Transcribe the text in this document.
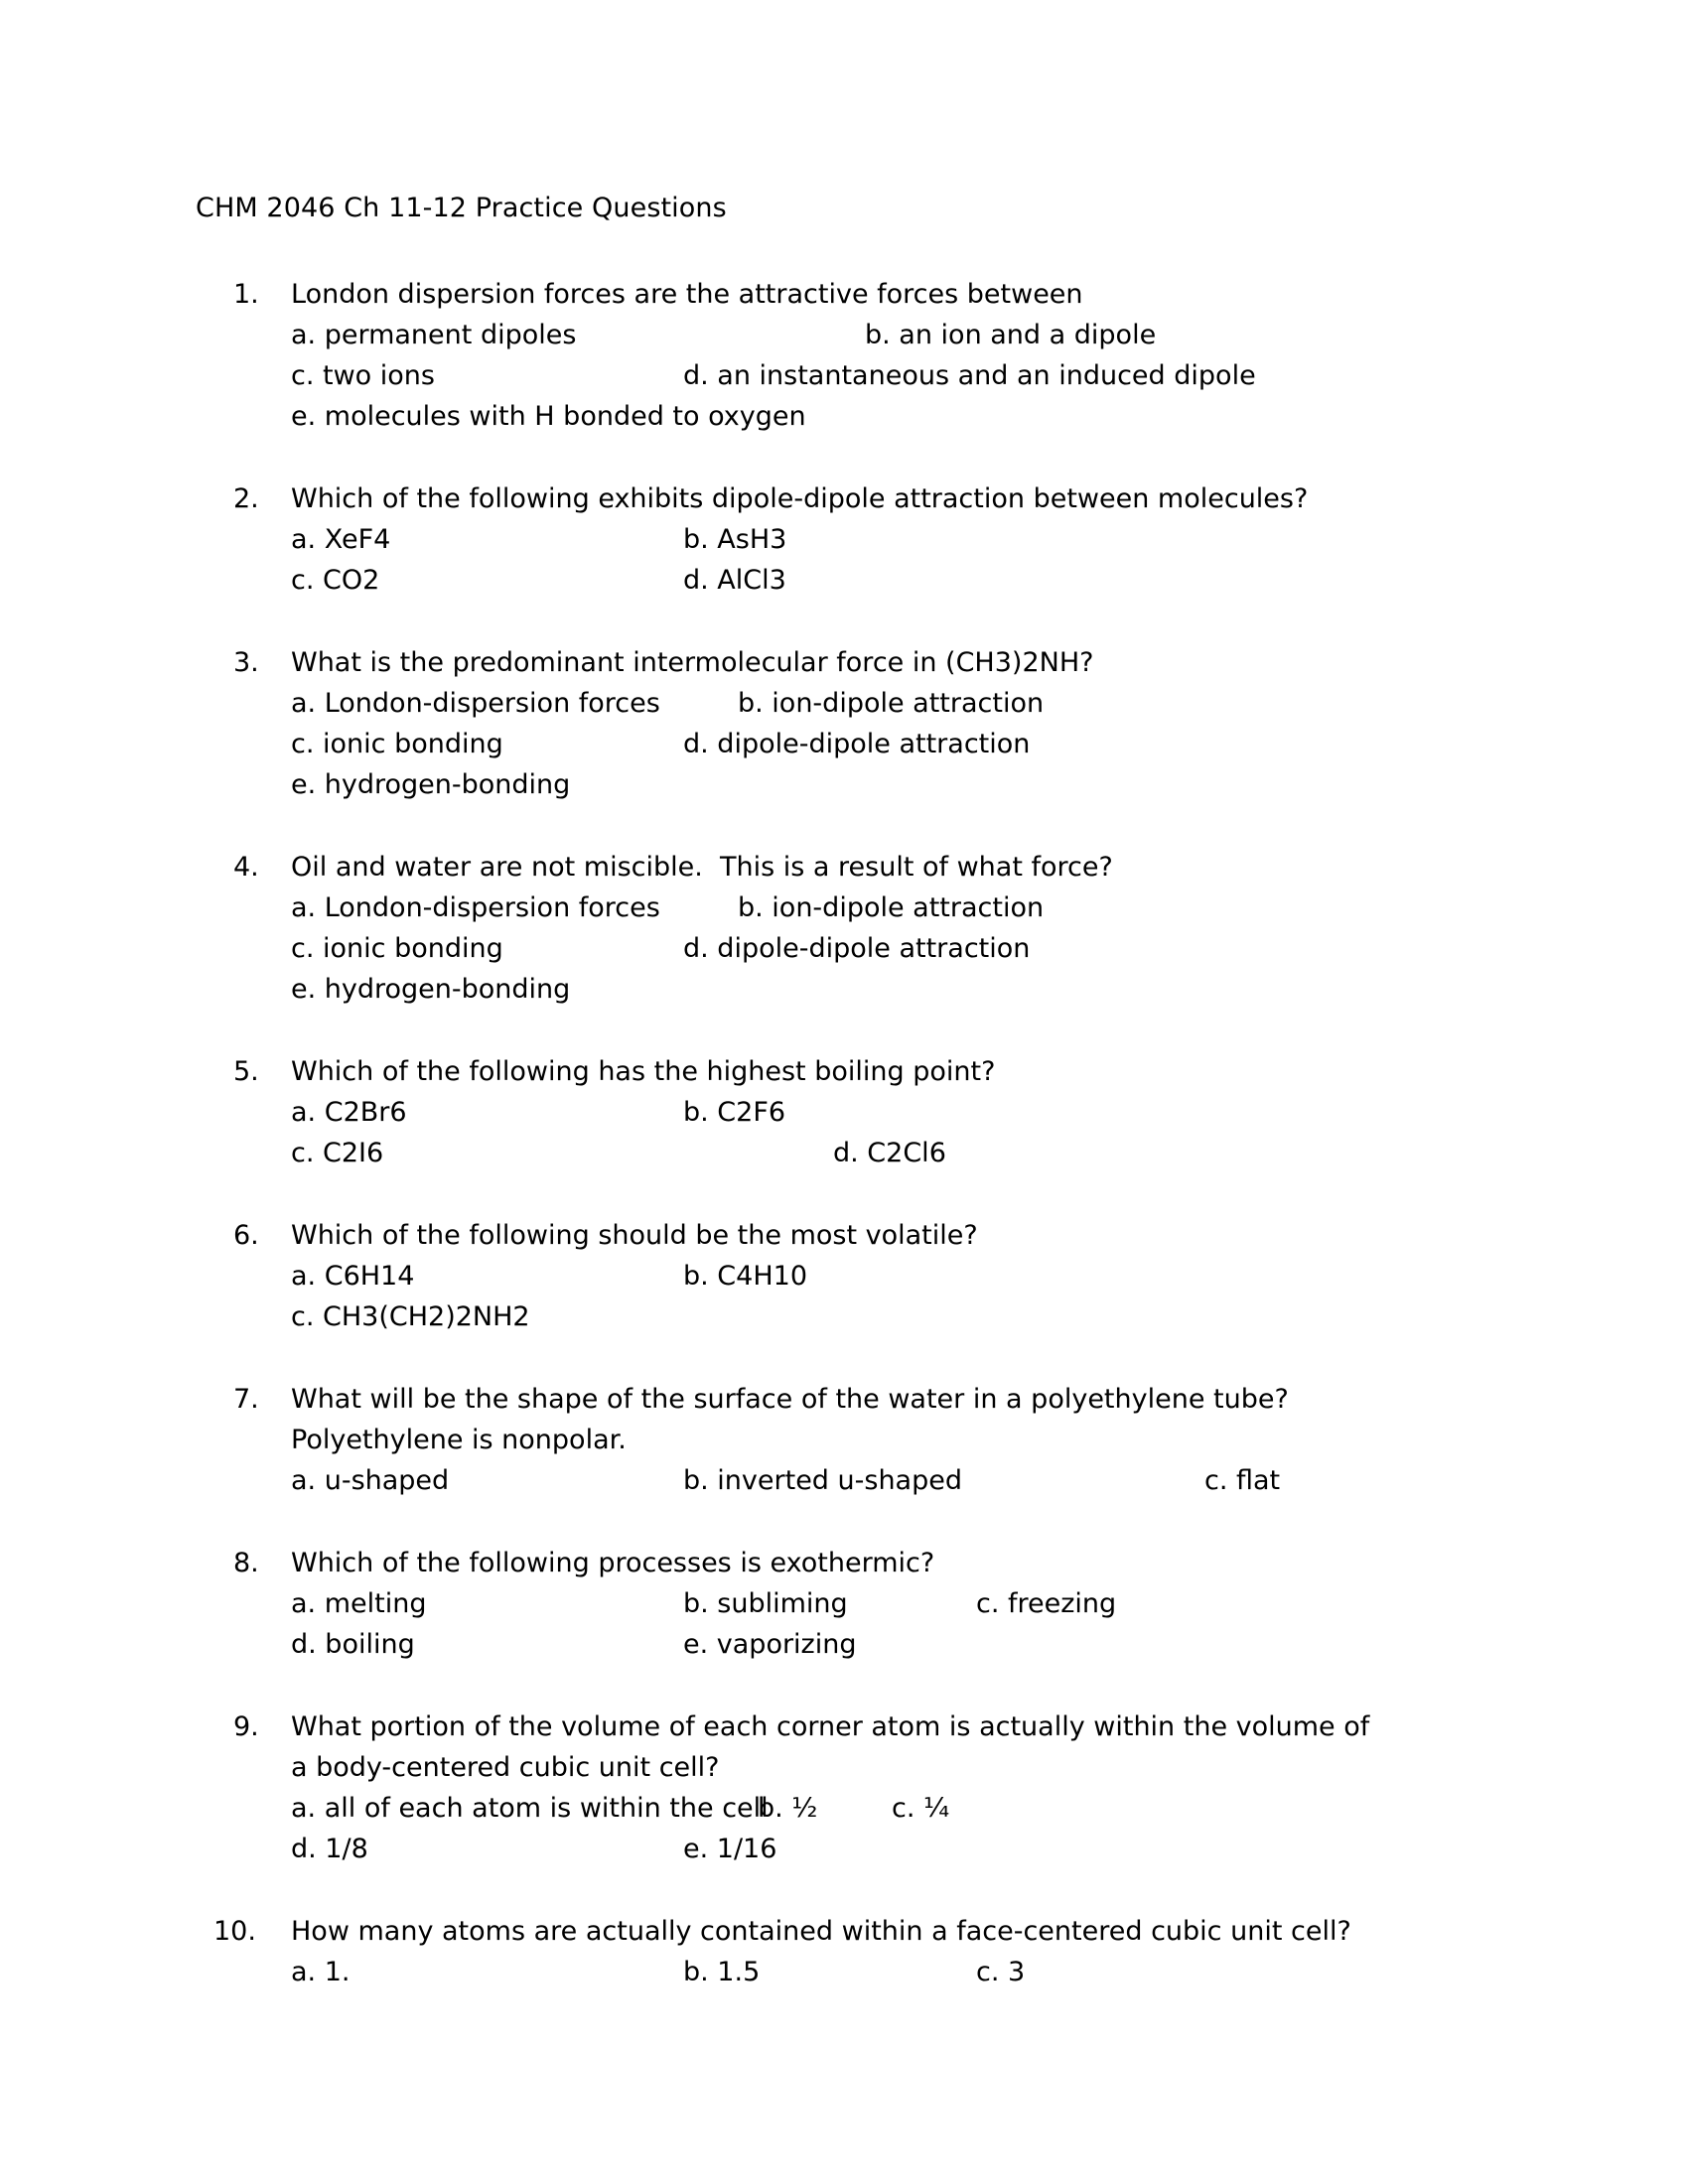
CHM 2046 Ch 11-12 Practice Questions
1.	London dispersion forces are the attractive forces between
a. permanent dipoles	b. an ion and a dipole
c. two ions	d. an instantaneous and an induced dipole
e. molecules with H bonded to oxygen
2.	Which of the following exhibits dipole-dipole attraction between molecules?
a. XeF4	b. AsH3
c. CO2	d. AlCl3
3.	What is the predominant intermolecular force in (CH3)2NH?
a. London-dispersion forces	b. ion-dipole attraction
c. ionic bonding	d. dipole-dipole attraction
e. hydrogen-bonding
4.	Oil and water are not miscible.  This is a result of what force?
a. London-dispersion forces	b. ion-dipole attraction
c. ionic bonding	d. dipole-dipole attraction
e. hydrogen-bonding
5.	Which of the following has the highest boiling point?
a. C2Br6	b. C2F6
c. C2I6	d. C2Cl6
6.	Which of the following should be the most volatile?
a. C6H14	b. C4H10
c. CH3(CH2)2NH2
7.	What will be the shape of the surface of the water in a polyethylene tube?
Polyethylene is nonpolar.
a. u-shaped	b. inverted u-shaped	c. flat
8.	Which of the following processes is exothermic?
a. melting	b. subliming	c. freezing
d. boiling	e. vaporizing
9.	What portion of the volume of each corner atom is actually within the volume of
a body-centered cubic unit cell?
a. all of each atom is within the cell
b. ½	c. ¼
d. 1/8	e. 1/16
10.	How many atoms are actually contained within a face-centered cubic unit cell?
a. 1.	b. 1.5	c. 3
